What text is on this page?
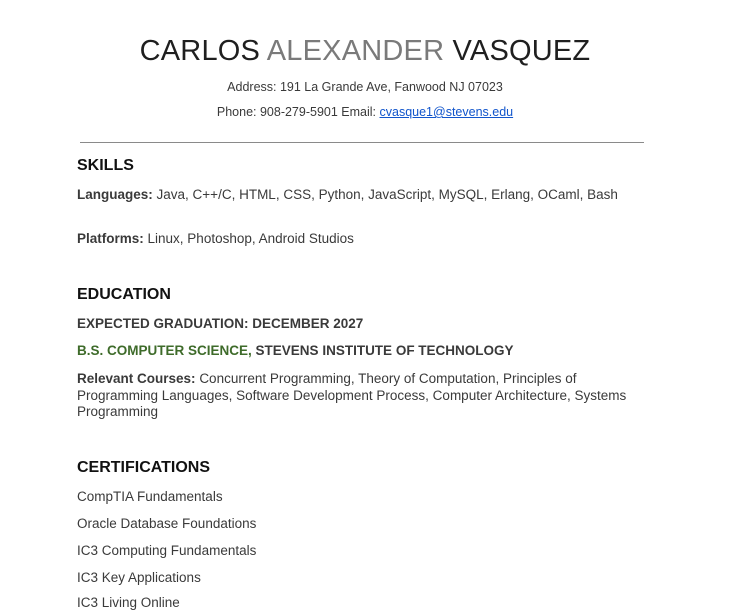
CARLOS ALEXANDER VASQUEZ
Address: 191 La Grande Ave, Fanwood NJ 07023
Phone: 908-279-5901 Email: cvasque1@stevens.edu
SKILLS
Languages: Java, C++/C, HTML, CSS, Python, JavaScript, MySQL, Erlang, OCaml, Bash
Platforms: Linux, Photoshop, Android Studios
EDUCATION
EXPECTED GRADUATION: DECEMBER 2027
B.S. COMPUTER SCIENCE, STEVENS INSTITUTE OF TECHNOLOGY
Relevant Courses: Concurrent Programming, Theory of Computation, Principles of Programming Languages, Software Development Process, Computer Architecture, Systems Programming
CERTIFICATIONS
CompTIA Fundamentals
Oracle Database Foundations
IC3 Computing Fundamentals
IC3 Key Applications
IC3 Living Online
